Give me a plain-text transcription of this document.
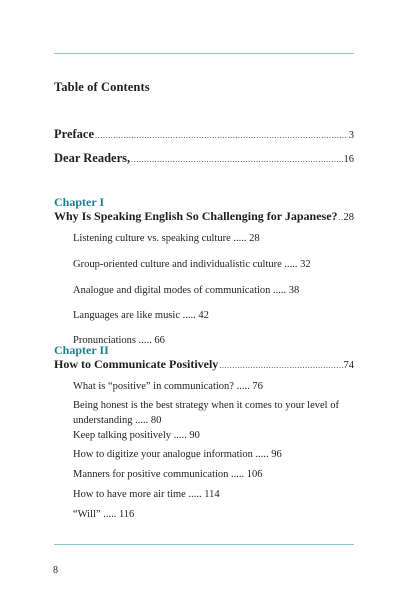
Table of Contents
Preface .....	3
Dear Readers, .....	16
Chapter I
Why Is Speaking English So Challenging for Japanese? ..... 28
Listening culture vs. speaking culture ..... 28
Group-oriented culture and individualistic culture ..... 32
Analogue and digital modes of communication ..... 38
Languages are like music ..... 42
Pronunciations ..... 66
Chapter II
How to Communicate Positively .....	74
What is “positive” in communication? ..... 76
Being honest is the best strategy when it comes to your level of understanding ..... 80
Keep talking positively ..... 90
How to digitize your analogue information ..... 96
Manners for positive communication ..... 106
How to have more air time ..... 114
“Will” ..... 116
8
